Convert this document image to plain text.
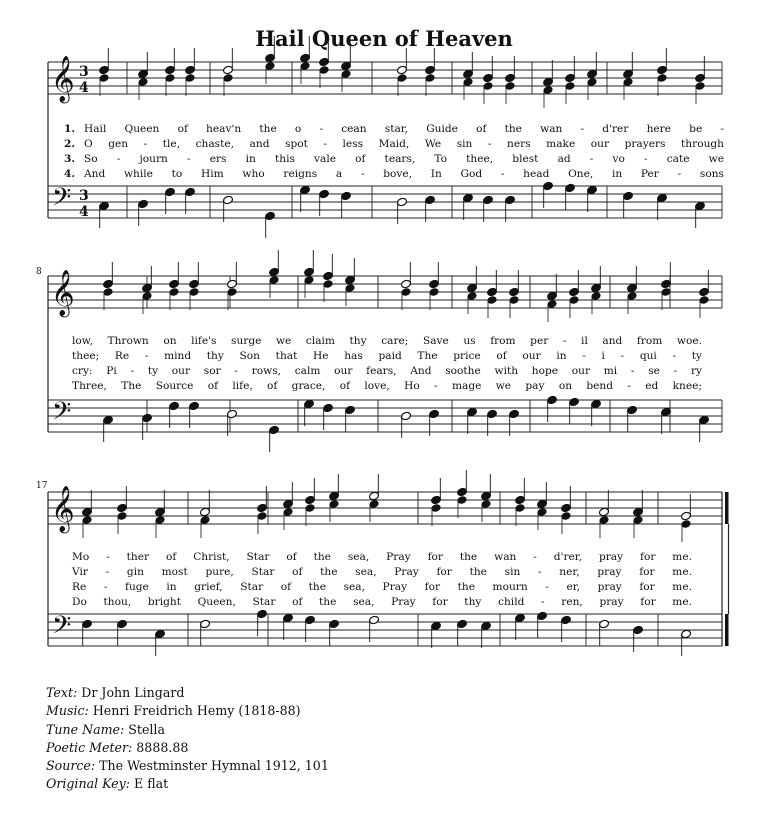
Hail Queen of Heaven
𝄞
𝄢
3
4
3
4
𝄞
𝄢
𝄞
𝄢
8
17
1. Hail Queen of heav'n the o - cean star, Guide of the wan - d'rer here be -
2. O gen - tle, chaste, and spot - less Maid, We sin - ners make our prayers through
3. So - journ - ers in this vale of tears, To thee, blest ad - vo - cate we
4. And while to Him who reigns a - bove, In God - head One, in Per - sons
low, Thrown on life's surge we claim thy care; Save us from per - il and from woe.
thee; Re - mind thy Son that He has paid The price of our in - i - qui - ty
cry: Pi - ty our sor - rows, calm our fears, And soothe with hope our mi - se - ry
Three, The Source of life, of grace, of love, Ho - mage we pay on bend - ed knee;
Mo - ther of Christ, Star of the sea, Pray for the wan - d'rer, pray for me.
Vir - gin most pure, Star of the sea, Pray for the sin - ner, pray for me.
Re - fuge in grief, Star of the sea, Pray for the mourn - er, pray for me.
Do thou, bright Queen, Star of the sea, Pray for thy child - ren, pray for me.
Text: Dr John Lingard
Music: Henri Freidrich Hemy (1818-88)
Tune Name: Stella
Poetic Meter: 8888.88
Source: The Westminster Hymnal 1912, 101
Original Key: E flat
